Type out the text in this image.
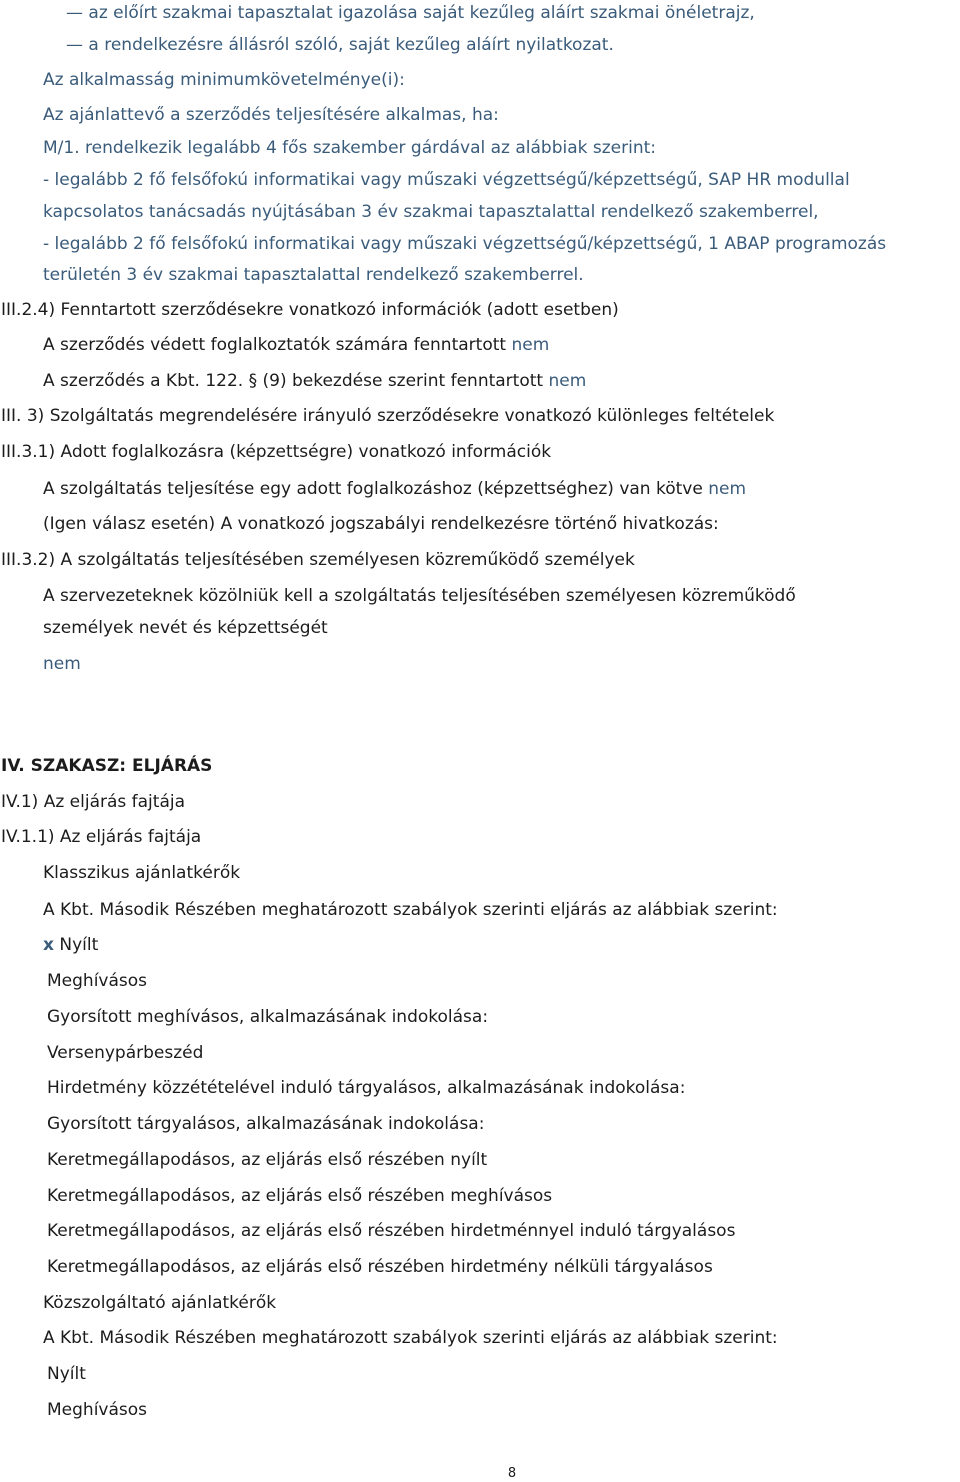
— az előírt szakmai tapasztalat igazolása saját kezűleg aláírt szakmai önéletrajz,
— a rendelkezésre állásról szóló, saját kezűleg aláírt nyilatkozat.
Az alkalmasság minimumkövetelménye(i):
Az ajánlattevő a szerződés teljesítésére alkalmas, ha:
M/1. rendelkezik legalább 4 fős szakember gárdával az alábbiak szerint:
- legalább 2 fő felsőfokú informatikai vagy műszaki végzettségű/képzettségű, SAP HR modullal
kapcsolatos tanácsadás nyújtásában 3 év szakmai tapasztalattal rendelkező szakemberrel,
- legalább 2 fő felsőfokú informatikai vagy műszaki végzettségű/képzettségű, 1 ABAP programozás
területén 3 év szakmai tapasztalattal rendelkező szakemberrel.
III.2.4) Fenntartott szerződésekre vonatkozó információk (adott esetben)
A szerződés védett foglalkoztatók számára fenntartott nem
A szerződés a Kbt. 122. § (9) bekezdése szerint fenntartott nem
III. 3) Szolgáltatás megrendelésére irányuló szerződésekre vonatkozó különleges feltételek
III.3.1) Adott foglalkozásra (képzettségre) vonatkozó információk
A szolgáltatás teljesítése egy adott foglalkozáshoz (képzettséghez) van kötve nem
(Igen válasz esetén) A vonatkozó jogszabályi rendelkezésre történő hivatkozás:
III.3.2) A szolgáltatás teljesítésében személyesen közreműködő személyek
A szervezeteknek közölniük kell a szolgáltatás teljesítésében személyesen közreműködő
személyek nevét és képzettségét
nem
IV. SZAKASZ: ELJÁRÁS
IV.1) Az eljárás fajtája
IV.1.1) Az eljárás fajtája
Klasszikus ajánlatkérők
A Kbt. Második Részében meghatározott szabályok szerinti eljárás az alábbiak szerint:
x Nyílt
Meghívásos
Gyorsított meghívásos, alkalmazásának indokolása:
Versenypárbeszéd
Hirdetmény közzétételével induló tárgyalásos, alkalmazásának indokolása:
Gyorsított tárgyalásos, alkalmazásának indokolása:
Keretmegállapodásos, az eljárás első részében nyílt
Keretmegállapodásos, az eljárás első részében meghívásos
Keretmegállapodásos, az eljárás első részében hirdetménnyel induló tárgyalásos
Keretmegállapodásos, az eljárás első részében hirdetmény nélküli tárgyalásos
Közszolgáltató ajánlatkérők
A Kbt. Második Részében meghatározott szabályok szerinti eljárás az alábbiak szerint:
Nyílt
Meghívásos
8
